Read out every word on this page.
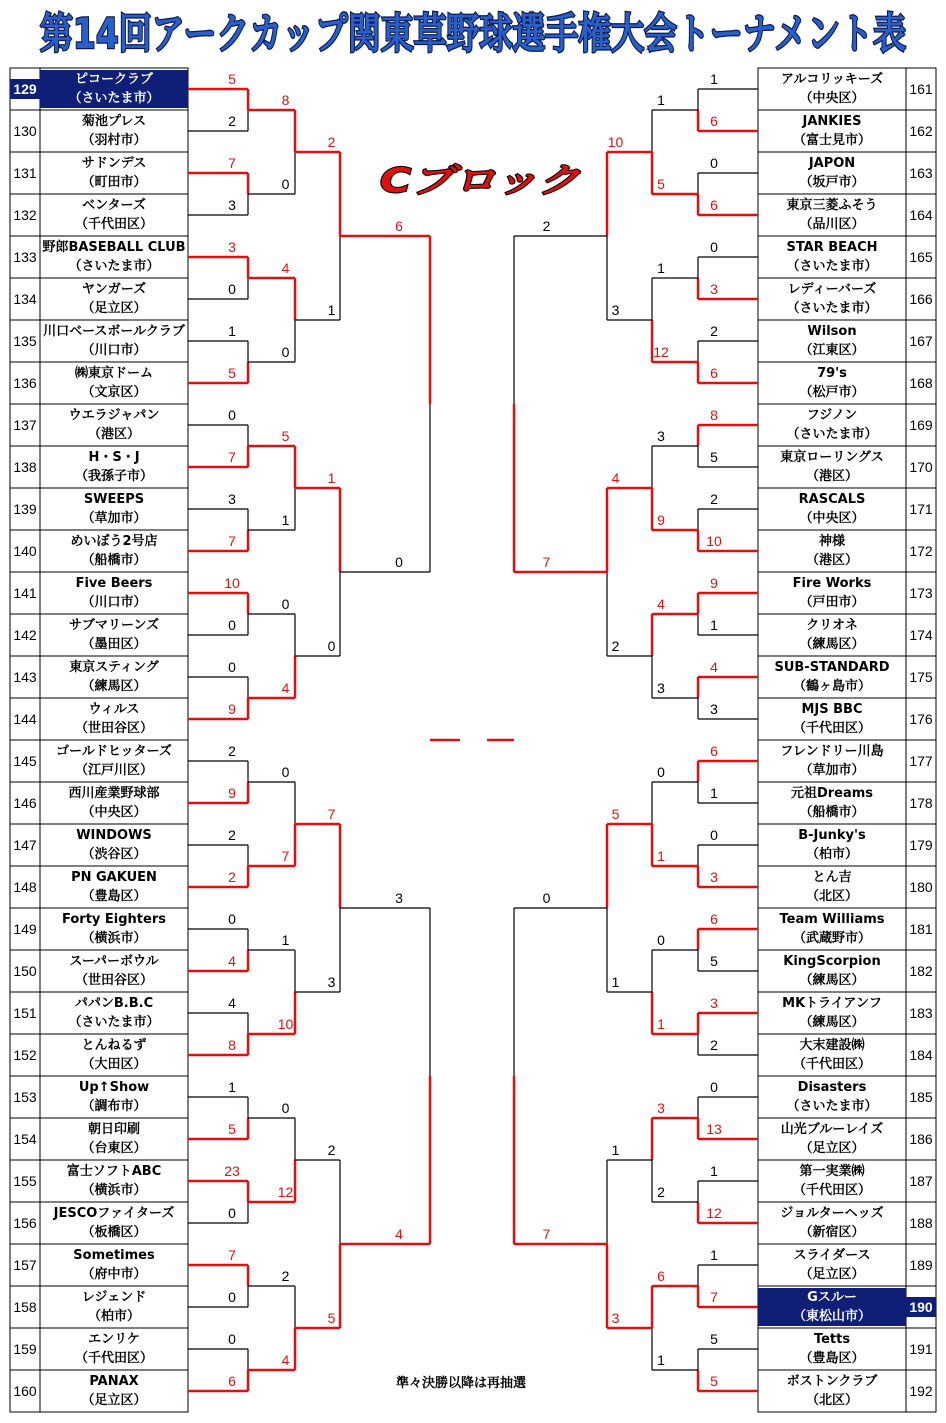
第14回アークカップ関東草野球選手権大会トーナメント表
Cブロック
ピコークラブ
（さいたま市）
129
菊池プレス
（羽村市）
130
サドンデス
（町田市）
131
ベンターズ
（千代田区）
132
野郎BASEBALL CLUB
（さいたま市）
133
ヤンガーズ
（足立区）
134
川口ベースボールクラブ
（川口市）
135
㈱東京ドーム
（文京区）
136
ウエラジャパン
（港区）
137
H・S・J
（我孫子市）
138
SWEEPS
（草加市）
139
めいぼう2号店
（船橋市）
140
Five Beers
（川口市）
141
サブマリーンズ
（墨田区）
142
東京スティング
（練馬区）
143
ウィルス
（世田谷区）
144
ゴールドヒッターズ
（江戸川区）
145
西川産業野球部
（中央区）
146
WINDOWS
（渋谷区）
147
PN GAKUEN
（豊島区）
148
Forty Eighters
（横浜市）
149
スーパーボウル
（世田谷区）
150
パパンB.B.C
（さいたま市）
151
とんねるず
（大田区）
152
Up↑Show
（調布市）
153
朝日印刷
（台東区）
154
富士ソフトABC
（横浜市）
155
JESCOファイターズ
（板橋区）
156
Sometimes
（府中市）
157
レジェンド
（柏市）
158
エンリケ
（千代田区）
159
PANAX
（足立区）
160
アルコリッキーズ
（中央区）
161
JANKIES
（富士見市）
162
JAPON
（坂戸市）
163
東京三菱ふそう
（品川区）
164
STAR BEACH
（さいたま市）
165
レディーバーズ
（さいたま市）
166
Wilson
（江東区）
167
79's
（松戸市）
168
フジノン
（さいたま市）
169
東京ローリングス
（港区）
170
RASCALS
（中央区）
171
神様
（港区）
172
Fire Works
（戸田市）
173
クリオネ
（練馬区）
174
SUB-STANDARD
（鶴ヶ島市）
175
MJS BBC
（千代田区）
176
フレンドリー川島
（草加市）
177
元祖Dreams
（船橋市）
178
B-Junky's
（柏市）
179
とん吉
（北区）
180
Team Williams
（武蔵野市）
181
KingScorpion
（練馬区）
182
MKトライアンフ
（練馬区）
183
大末建設㈱
（千代田区）
184
Disasters
（さいたま市）
185
山光ブルーレイズ
（足立区）
186
第一実業㈱
（千代田区）
187
ジョルターヘッズ
（新宿区）
188
スライダース
（足立区）
189
Gスルー
（東松山市）
190
Tetts
（豊島区）
191
ボストンクラブ
（北区）
192
5
2
7
3
3
0
1
5
0
7
3
7
10
0
0
9
2
9
2
2
0
4
4
8
1
5
23
0
7
0
0
6
8
0
4
0
5
1
0
4
0
7
1
10
0
12
2
4
2
1
1
0
7
3
2
5
6
0
3
4
1
6
0
6
0
3
2
6
8
5
2
10
9
1
4
3
6
1
0
3
6
5
3
2
0
13
1
12
1
7
5
5
1
5
1
12
3
9
4
3
0
1
0
1
3
2
6
1
10
3
4
2
5
1
1
3
2
7
0
7
準々決勝以降は再抽選
